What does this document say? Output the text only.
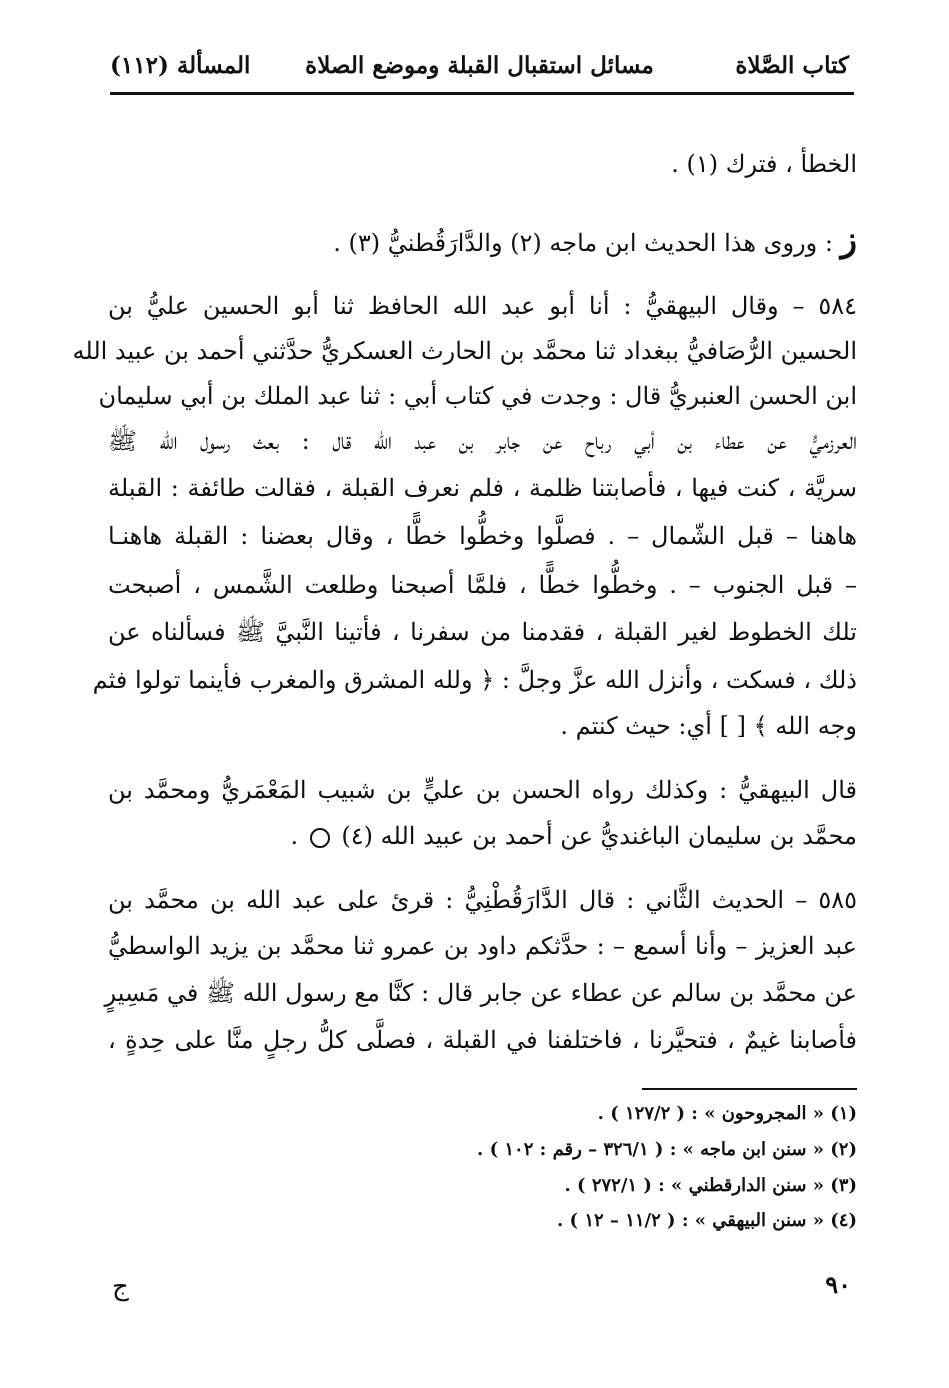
كتاب الصَّلاة
مسائل استقبال القبلة وموضع الصلاة
المسألة (١١٢)
الخطأ ، فترك (١) .
ز : وروى هذا الحديث ابن ماجه (٢) والدَّارَقُطنيُّ (٣) .
٥٨٤ – وقال البيهقيُّ : أنا أبو عبد الله الحافظ ثنا أبو الحسين عليُّ بن
الحسين الرُّصَافيُّ ببغداد ثنا محمَّد بن الحارث العسكريُّ حدَّثني أحمد بن عبيد الله
ابن الحسن العنبريُّ قال : وجدت في كتاب أبي : ثنا عبد الملك بن أبي سليمان
العرزميُّ عن عطاء بن أبي رباح عن جابر بن عبد الله قال : بعث رسول الله ﷺ
سريَّة ، كنت فيها ، فأصابتنا ظلمة ، فلم نعرف القبلة ، فقالت طائفة : القبلة
هاهنا – قبل الشّمال – . فصلَّوا وخطُّوا خطًّا ، وقال بعضنا : القبلة هاهنـا
– قبل الجنوب – . وخطُّوا خطًّا ، فلمَّا أصبحنا وطلعت الشَّمس ، أصبحت
تلك الخطوط لغير القبلة ، فقدمنا من سفرنا ، فأتينا النَّبيَّ ﷺ فسألناه عن
ذلك ، فسكت ، وأنزل الله عزَّ وجلَّ : ﴿ ولله المشرق والمغرب فأينما تولوا فثم
وجه الله ﴾ [ ] أي: حيث كنتم .
قال البيهقيُّ : وكذلك رواه الحسن بن عليٍّ بن شبيب المَعْمَريُّ ومحمَّد بن
محمَّد بن سليمان الباغنديُّ عن أحمد بن عبيد الله (٤)  .
٥٨٥ – الحديث الثَّاني : قال الدَّارَقُطْنِيُّ : قرئ على عبد الله بن محمَّد بن
عبد العزيز – وأنا أسمع – : حدَّثكم داود بن عمرو ثنا محمَّد بن يزيد الواسطيُّ
عن محمَّد بن سالم عن عطاء عن جابر قال : كنَّا مع رسول الله ﷺ في مَسِيرٍ
فأصابنا غيمٌ ، فتحيَّرنا ، فاختلفنا في القبلة ، فصلَّى كلُّ رجلٍ منَّا على حِدةٍ ،
(١) « المجروحون » : ( ١٢٧/٢ ) .
(٢) « سنن ابن ماجه » : ( ٣٢٦/١ – رقم : ١٠٢ ) .
(٣) « سنن الدارقطني » : ( ٢٧٢/١ ) .
(٤) « سنن البيهقي » : ( ١١/٢ – ١٢ ) .
٩٠
ج
